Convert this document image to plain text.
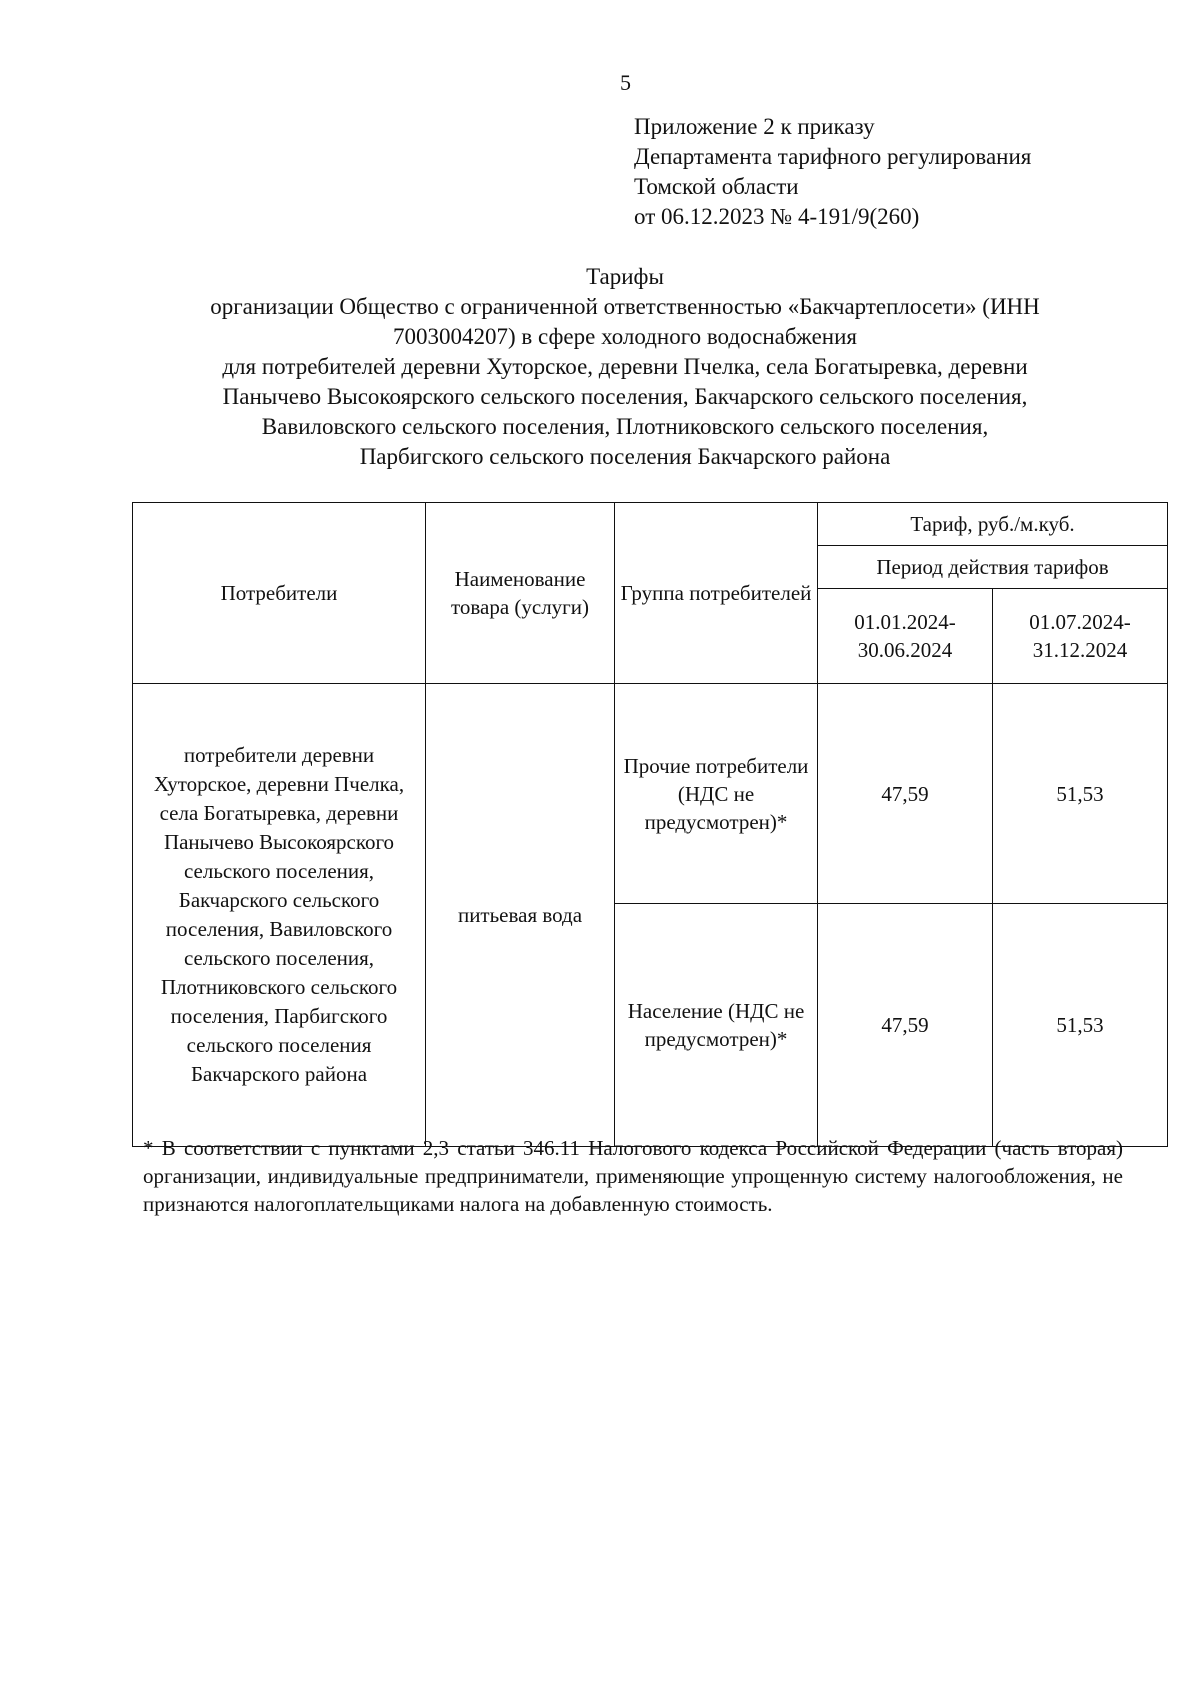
5
Приложение 2 к приказу
Департамента тарифного регулирования
Томской области
от 06.12.2023 № 4-191/9(260)
Тарифы
организации Общество с ограниченной ответственностью «Бакчартеплосети» (ИНН
7003004207) в сфере холодного водоснабжения
для потребителей деревни Хуторское, деревни Пчелка, села Богатыревка, деревни
Панычево Высокоярского сельского поселения, Бакчарского сельского поселения,
Вавиловского сельского поселения, Плотниковского сельского поселения,
Парбигского сельского поселения Бакчарского района
Потребители	Наименование товара (услуги)	Группа потребителей	Тариф, руб./м.куб.	
			Период действия тарифов	
			01.01.2024-30.06.2024	01.07.2024-31.12.2024
потребители деревни Хуторское, деревни Пчелка, села Богатыревка, деревни Панычево Высокоярского сельского поселения, Бакчарского сельского поселения, Вавиловского сельского поселения, Плотниковского сельского поселения, Парбигского сельского поселения Бакчарского района	питьевая вода	Прочие потребители (НДС не предусмотрен)*	47,59	51,53
		Население (НДС не предусмотрен)*	47,59	51,53
* В соответствии с пунктами 2,3 статьи 346.11 Налогового кодекса Российской Федерации (часть вторая) организации, индивидуальные предприниматели, применяющие упрощенную систему налогообложения, не признаются налогоплательщиками налога на добавленную стоимость.
